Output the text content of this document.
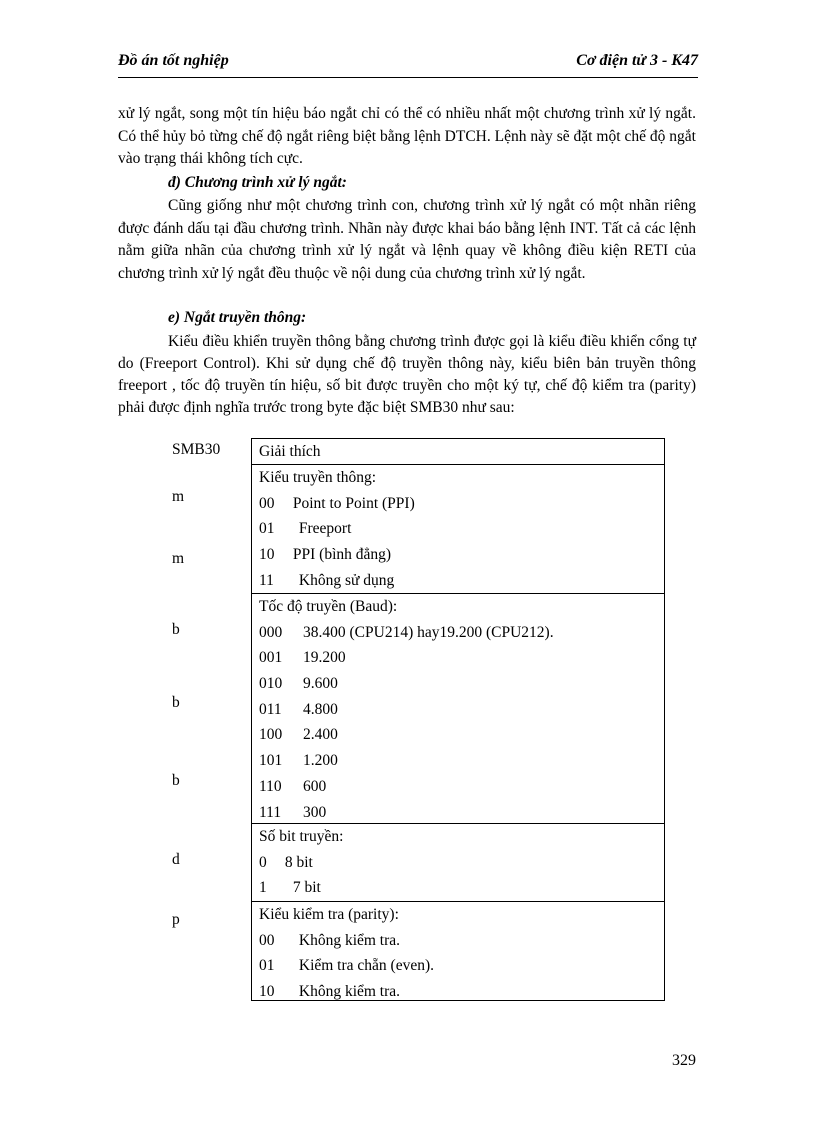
Đồ án tốt nghiệp	Cơ điện tử 3 - K47
xử lý ngắt, song một tín hiệu báo ngắt chỉ có thể có nhiều nhất một chương trình xử lý ngắt. Có thể hủy bỏ từng chế độ ngắt riêng biệt bằng lệnh DTCH. Lệnh này sẽ đặt một chế độ ngắt vào trạng thái không tích cực.
đ) Chương trình xử lý ngắt:
Cũng giống như một chương trình con, chương trình xử lý ngắt có một nhãn riêng được đánh dấu tại đầu chương trình. Nhãn này được khai báo bằng lệnh INT. Tất cả các lệnh nằm giữa nhãn của chương trình xử lý ngắt và lệnh quay về không điều kiện RETI của chương trình xử lý ngắt đều thuộc về nội dung của chương trình xử lý ngắt.
e) Ngắt truyền thông:
Kiểu điều khiển truyền thông bằng chương trình được gọi là kiểu điều khiển cổng tự do (Freeport Control). Khi sử dụng chế độ truyền thông này, kiểu biên bản truyền thông freeport , tốc độ truyền tín hiệu, số bit được truyền cho một ký tự, chế độ kiểm tra (parity) phải được định nghĩa trước trong byte đặc biệt SMB30 như sau:
SMB30
m
m
b
b
b
d
p
Giải thích
Kiểu truyền thông:
00 Point to Point (PPI)
01 Freeport
10 PPI (bình đẳng)
11 Không sử dụng
Tốc độ truyền (Baud):
000 38.400 (CPU214) hay19.200 (CPU212).
001 19.200
010 9.600
011 4.800
100 2.400
101 1.200
110 600
111 300
Số bit truyền:
0 8 bit
1 7 bit
Kiểu kiểm tra (parity):
00 Không kiểm tra.
01 Kiểm tra chẵn (even).
10 Không kiểm tra.
329
